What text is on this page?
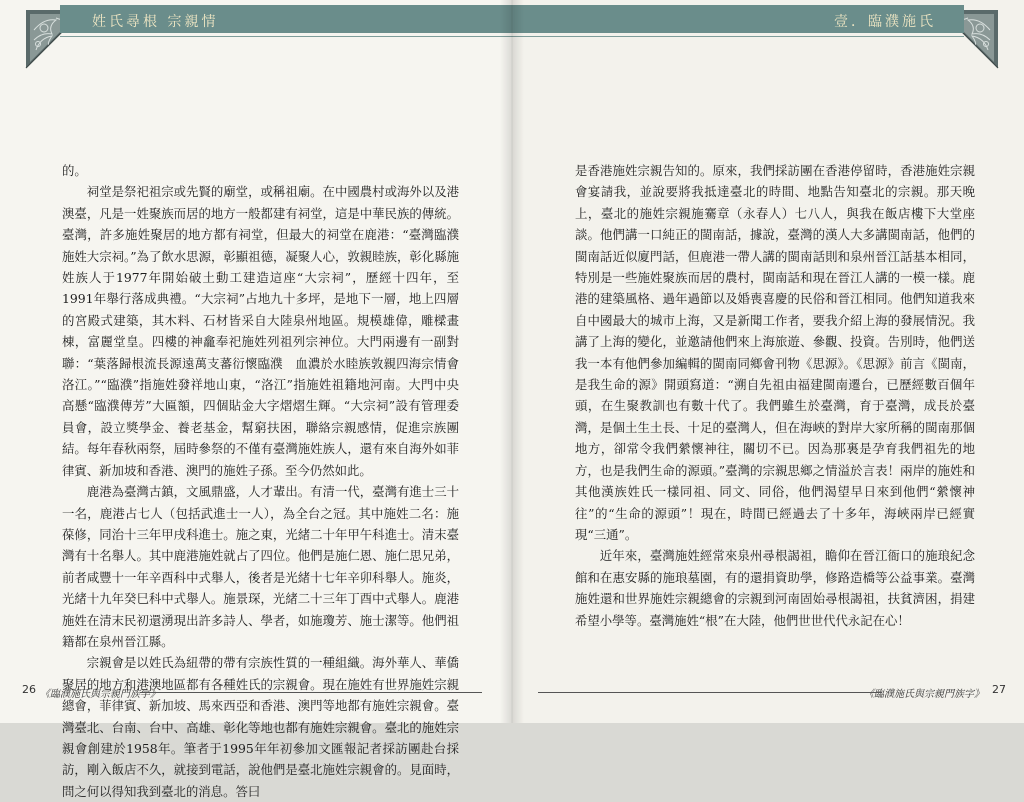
姓氏尋根 宗親情

的。

祠堂是祭祀祖宗或先賢的廟堂，或稱祖廟。在中國農村或海外以及港澳臺，凡是一姓聚族而居的地方一般都建有祠堂，這是中華民族的傳統。臺灣，許多施姓聚居的地方都有祠堂，但最大的祠堂在鹿港：“臺灣臨濮施姓大宗祠。”為了飲水思源，彰顯祖德，凝聚人心，敦親睦族，彰化縣施姓族人于1977年開始破土動工建造這座“大宗祠”，歷經十四年，至1991年舉行落成典禮。“大宗祠”占地九十多坪，是地下一層，地上四層的宮殿式建築，其木料、石材皆采自大陸泉州地區。規模雄偉，雕樑畫棟，富麗堂皇。四樓的神龕奉祀施姓列祖列宗神位。大門兩邊有一副對聯：“葉落歸根流長源遠萬支蕃衍懷臨濮　血濃於水睦族敦親四海宗情會洛江。”“臨濮”指施姓發祥地山東，“洛江”指施姓祖籍地河南。大門中央高懸“臨濮傳芳”大匾額，四個貼金大字熠熠生輝。“大宗祠”設有管理委員會，設立獎學金、養老基金，幫窮扶困，聯絡宗親感情，促進宗族團結。每年春秋兩祭，屆時參祭的不僅有臺灣施姓族人，還有來自海外如菲律賓、新加坡和香港、澳門的施姓子孫。至今仍然如此。

鹿港為臺灣古鎮，文風鼎盛，人才輩出。有清一代，臺灣有進士三十一名，鹿港占七人（包括武進士一人），為全台之冠。其中施姓二名：施葆修，同治十三年甲戌科進士。施之東，光緒二十年甲午科進士。清末臺灣有十名舉人。其中鹿港施姓就占了四位。他們是施仁恩、施仁思兄弟，前者咸豐十一年辛酉科中式舉人，後者是光緒十七年辛卯科舉人。施炎，光緒十九年癸巳科中式舉人。施景琛，光緒二十三年丁酉中式舉人。鹿港施姓在清末民初還湧現出許多詩人、學者，如施瓊芳、施士潔等。他們祖籍都在泉州晉江縣。

宗親會是以姓氏為紐帶的帶有宗族性質的一種組織。海外華人、華僑聚居的地方和港澳地區都有各種姓氏的宗親會。現在施姓有世界施姓宗親總會，菲律賓、新加坡、馬來西亞和香港、澳門等地都有施姓宗親會。臺灣臺北、台南、台中、高雄、彰化等地也都有施姓宗親會。臺北的施姓宗親會創建於1958年。筆者于1995年年初參加文匯報記者採訪團赴台採訪，剛入飯店不久，就接到電話，說他們是臺北施姓宗親會的。見面時，問之何以得知我到臺北的消息。答曰

26 《臨濮施氏與宗親門族字》
壹．臨濮施氏

是香港施姓宗親告知的。原來，我們採訪團在香港停留時，香港施姓宗親會宴請我，並說要將我抵達臺北的時間、地點告知臺北的宗親。那天晚上，臺北的施姓宗親施騫章（永春人）七八人，與我在飯店樓下大堂座談。他們講一口純正的閩南話，據說，臺灣的漢人大多講閩南話，他們的閩南話近似廈門話，但鹿港一帶人講的閩南話則和泉州晉江話基本相同，特別是一些施姓聚族而居的農村，閩南話和現在晉江人講的一模一樣。鹿港的建築風格、過年過節以及婚喪喜慶的民俗和晉江相同。他們知道我來自中國最大的城市上海，又是新聞工作者，要我介紹上海的發展情況。我講了上海的變化，並邀請他們來上海旅遊、參觀、投資。告別時，他們送我一本有他們參加編輯的閩南同鄉會刊物《思源》。《思源》前言《閩南，是我生命的源》開頭寫道：“溯自先祖由福建閩南遷台，已歷經數百個年頭，在生聚教訓也有數十代了。我們雖生於臺灣，育于臺灣，成長於臺灣，是個土生土長、十足的臺灣人，但在海峽的對岸大家所稱的閩南那個地方，卻常令我們縈懷神往，關切不已。因為那裏是孕育我們祖先的地方，也是我們生命的源頭。”臺灣的宗親思鄉之情溢於言表！兩岸的施姓和其他漢族姓氏一樣同祖、同文、同俗，他們渴望早日來到他們“縈懷神往”的“生命的源頭”！現在，時間已經過去了十多年，海峽兩岸已經實現“三通”。

近年來，臺灣施姓經常來泉州尋根謁祖，瞻仰在晉江衙口的施琅紀念館和在惠安縣的施琅墓園，有的還捐資助學，修路造橋等公益事業。臺灣施姓還和世界施姓宗親總會的宗親到河南固始尋根謁祖，扶貧濟困，捐建希望小學等。臺灣施姓“根”在大陸，他們世世代代永記在心！

27
《臨濮施氏與宗親門族字》
